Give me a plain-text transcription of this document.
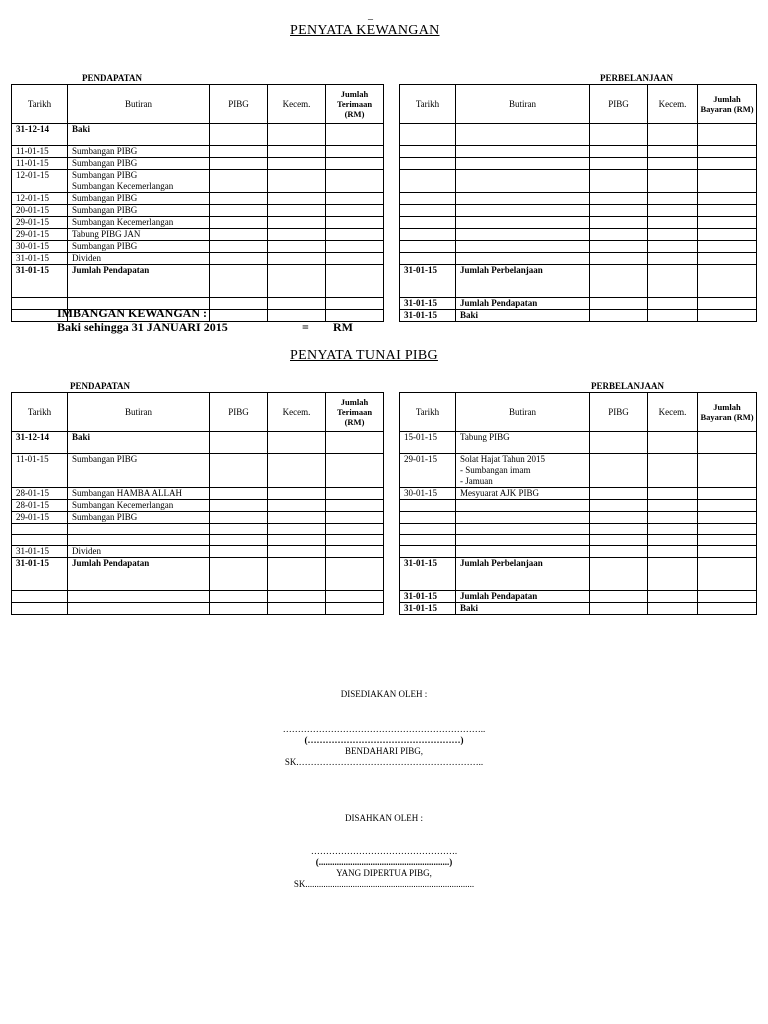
_
PENYATA KEWANGAN
PENDAPATAN	PERBELANJAAN
Tarikh	Butiran	PIBG	Kecem.	Jumlah Terimaan (RM)		Tarikh	Butiran	PIBG	Kecem.	Jumlah Bayaran (RM)
31-12-14	Baki									
11-01-15	Sumbangan PIBG									
11-01-15	Sumbangan PIBG									
12-01-15	Sumbangan PIBG
Sumbangan Kecemerlangan									

12-01-15	Sumbangan PIBG									
20-01-15	Sumbangan PIBG									
29-01-15	Sumbangan Kecemerlangan									
29-01-15	Tabung PIBG JAN									
30-01-15	Sumbangan PIBG									
31-01-15	Dividen									
31-01-15	Jumlah Pendapatan					31-01-15	Jumlah Perbelanjaan			
						31-01-15	Jumlah Pendapatan			
						31-01-15	Baki			
IMBANGAN KEWANGAN :
Baki sehingga 31 JANUARI 2015	= RM
PENYATA TUNAI PIBG
PENDAPATAN	PERBELANJAAN
Tarikh	Butiran	PIBG	Kecem.	Jumlah Terimaan (RM)		Tarikh	Butiran	PIBG	Kecem.	Jumlah Bayaran (RM)
31-12-14	Baki					15-01-15	Tabung PIBG			
11-01-15	Sumbangan PIBG					29-01-15	Solat Hajat Tahun 2015
- Sumbangan imam
- Jamuan			

28-01-15	Sumbangan HAMBA ALLAH					30-01-15	Mesyuarat AJK PIBG			
28-01-15	Sumbangan Kecemerlangan									
29-01-15	Sumbangan PIBG									

31-01-15	Dividen									
31-01-15	Jumlah Pendapatan					31-01-15	Jumlah Perbelanjaan			
						31-01-15	Jumlah Pendapatan			
						31-01-15	Baki			
DISEDIAKAN OLEH :
…………………………………………………………..
(……………………………………………)
BENDAHARI PIBG,
SK.……………………………………………………..
DISAHKAN OLEH :
………………………………………….
(..........................................................)
YANG DIPERTUA PIBG,
SK...........................................................................
